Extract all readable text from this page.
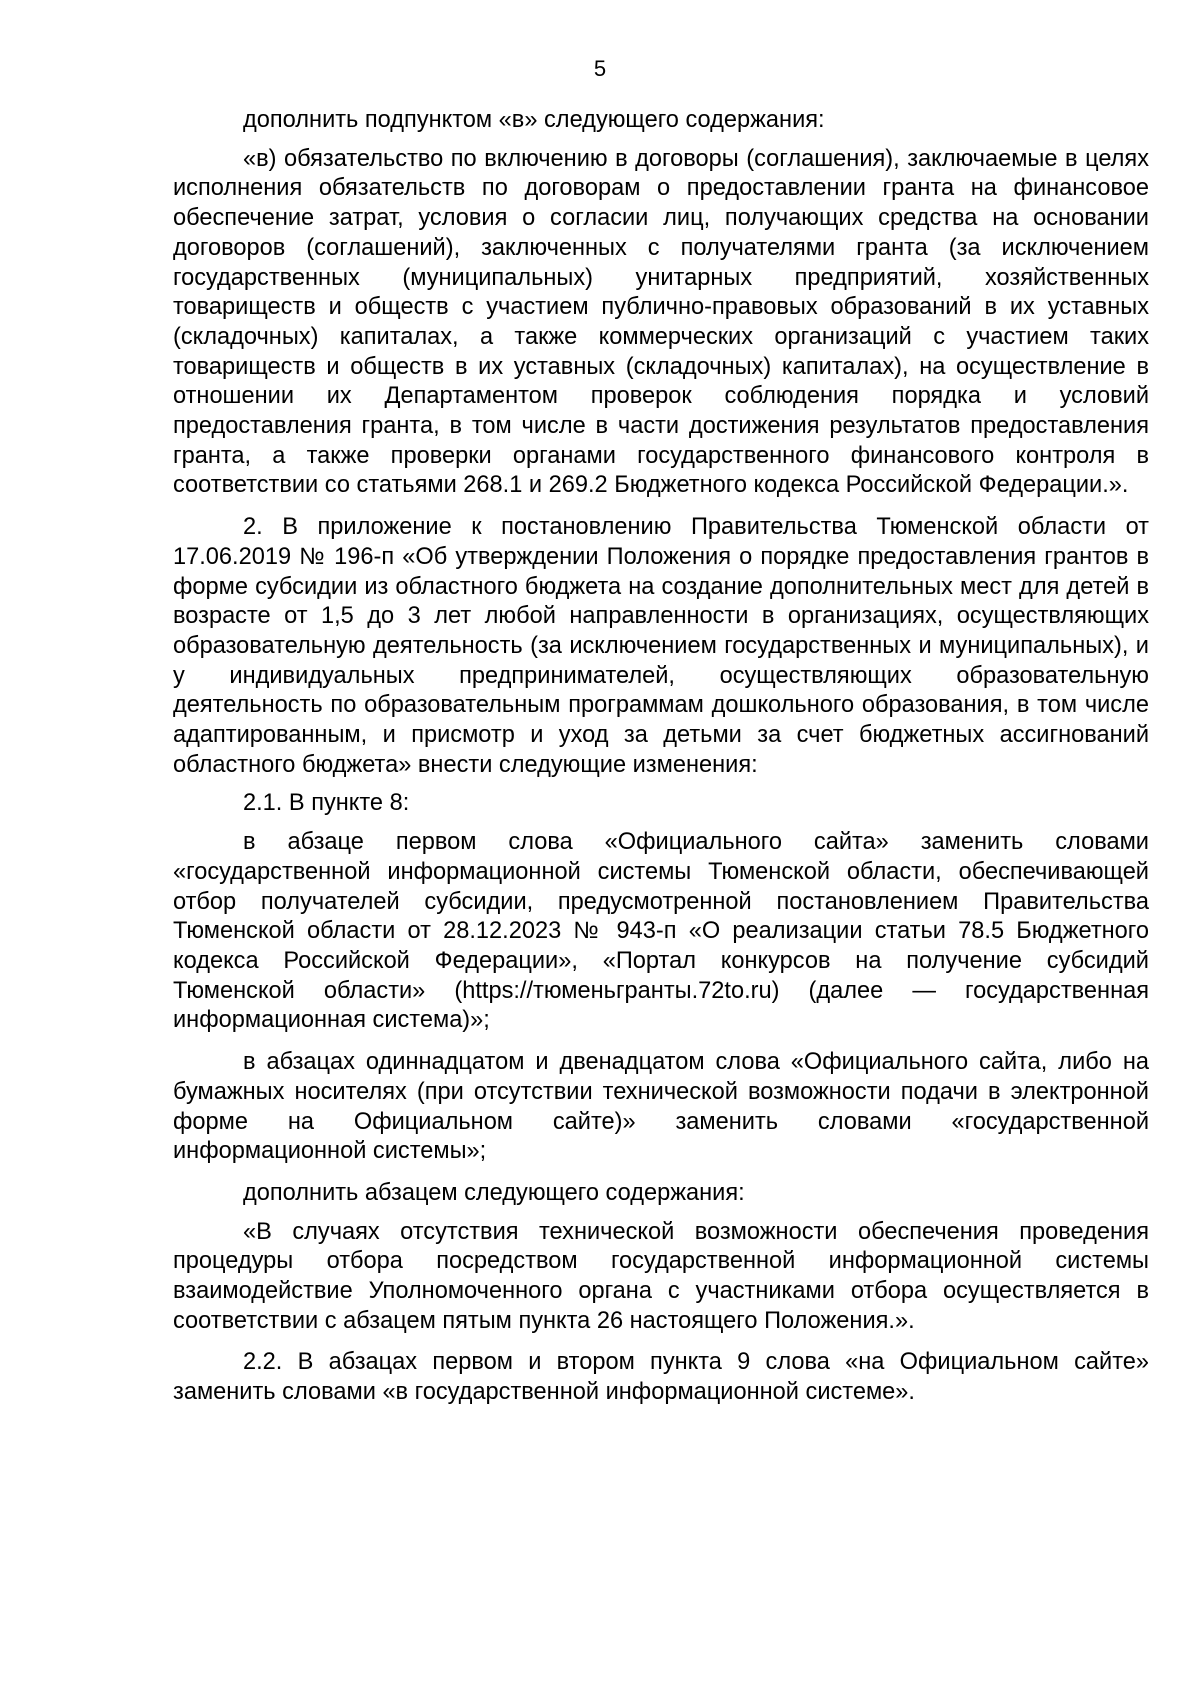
5

дополнить подпунктом «в» следующего содержания:

«в) обязательство по включению в договоры (соглашения), заключаемые в целях исполнения обязательств по договорам о предоставлении гранта на финансовое обеспечение затрат, условия о согласии лиц, получающих средства на основании договоров (соглашений), заключенных с получателями гранта (за исключением государственных (муниципальных) унитарных предприятий, хозяйственных товариществ и обществ с участием публично-правовых образований в их уставных (складочных) капиталах, а также коммерческих организаций с участием таких товариществ и обществ в их уставных (складочных) капиталах), на осуществление в отношении их Департаментом проверок соблюдения порядка и условий предоставления гранта, в том числе в части достижения результатов предоставления гранта, а также проверки органами государственного финансового контроля в соответствии со статьями 268.1 и 269.2 Бюджетного кодекса Российской Федерации.».

2. В приложение к постановлению Правительства Тюменской области от 17.06.2019 № 196-п «Об утверждении Положения о порядке предоставления грантов в форме субсидии из областного бюджета на создание дополнительных мест для детей в возрасте от 1,5 до 3 лет любой направленности в организациях, осуществляющих образовательную деятельность (за исключением государственных и муниципальных), и у индивидуальных предпринимателей, осуществляющих образовательную деятельность по образовательным программам дошкольного образования, в том числе адаптированным, и присмотр и уход за детьми за счет бюджетных ассигнований областного бюджета» внести следующие изменения:

2.1. В пункте 8:

в абзаце первом слова «Официального сайта» заменить словами «государственной информационной системы Тюменской области, обеспечивающей отбор получателей субсидии, предусмотренной постановлением Правительства Тюменской области от 28.12.2023 № 943-п «О реализации статьи 78.5 Бюджетного кодекса Российской Федерации», «Портал конкурсов на получение субсидий Тюменской области» (https://тюменьгранты.72to.ru) (далее — государственная информационная система)»;

в абзацах одиннадцатом и двенадцатом слова «Официального сайта, либо на бумажных носителях (при отсутствии технической возможности подачи в электронной форме на Официальном сайте)» заменить словами «государственной информационной системы»;

дополнить абзацем следующего содержания:

«В случаях отсутствия технической возможности обеспечения проведения процедуры отбора посредством государственной информационной системы взаимодействие Уполномоченного органа с участниками отбора осуществляется в соответствии с абзацем пятым пункта 26 настоящего Положения.».

2.2. В абзацах первом и втором пункта 9 слова «на Официальном сайте» заменить словами «в государственной информационной системе».
